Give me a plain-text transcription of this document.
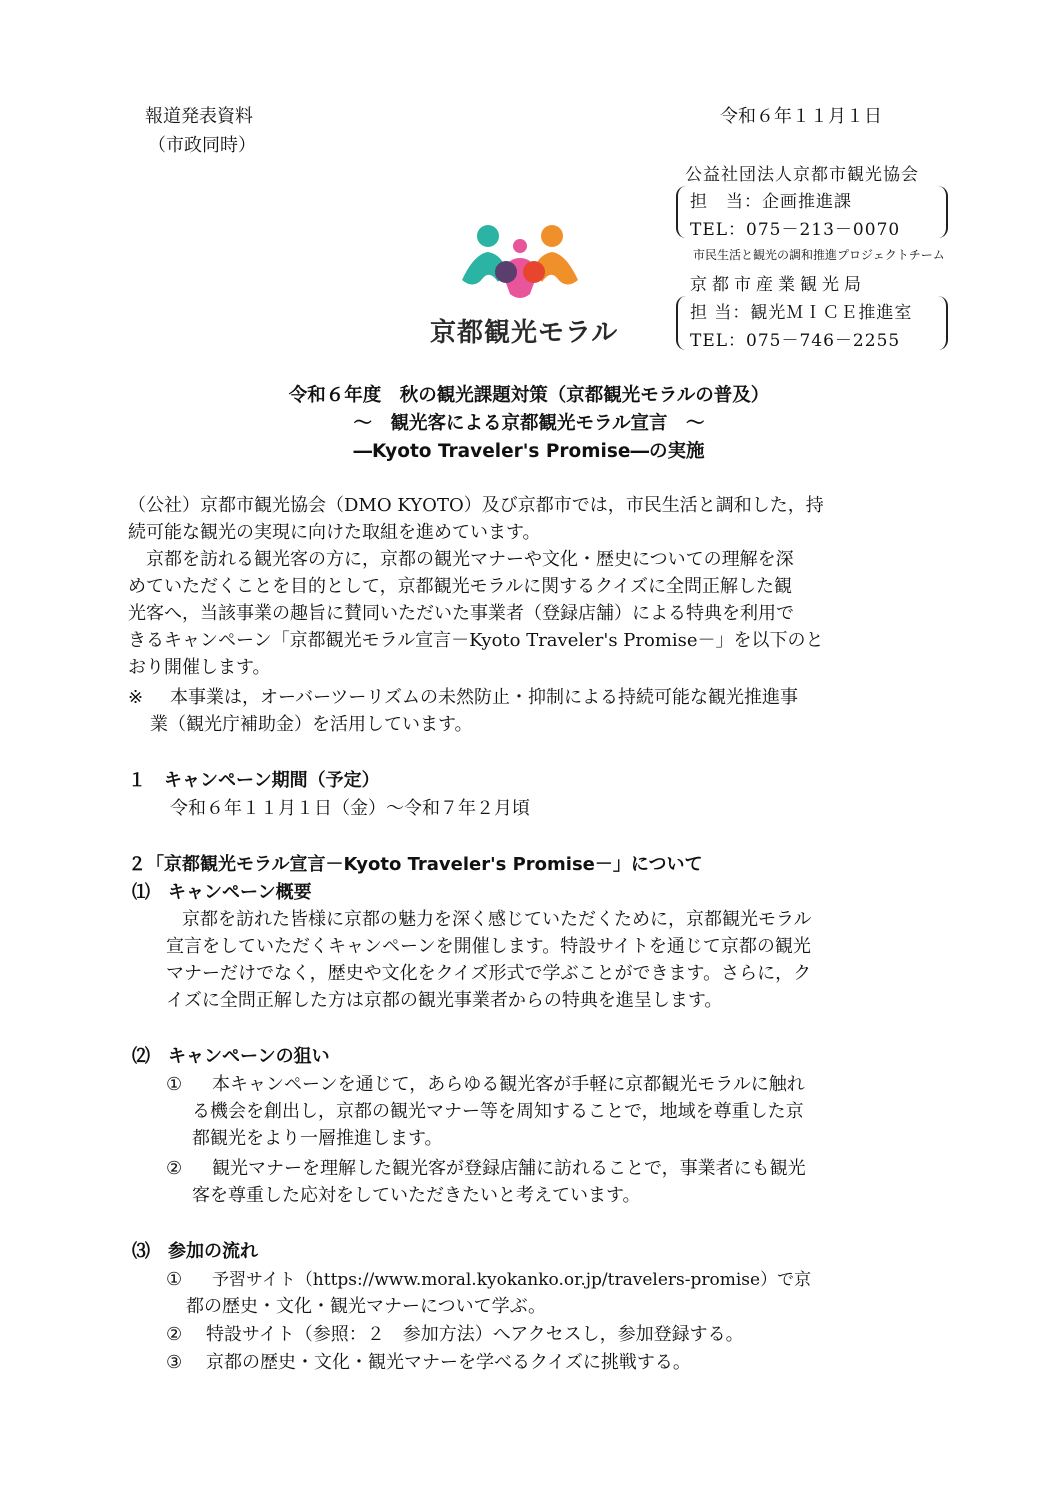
報道発表資料
（市政同時）
令和６年１１月１日
公益社団法人京都市観光協会
担　当：企画推進課
TEL：075－213－0070
市民生活と観光の調和推進プロジェクトチーム
京都市産業観光局
担 当：観光ＭＩＣＥ推進室
TEL：075－746－2255
京都観光モラル
令和６年度　秋の観光課題対策（京都観光モラルの普及）
～　観光客による京都観光モラル宣言　～
―Kyoto Traveler's Promise―の実施
（公社）京都市観光協会（DMO KYOTO）及び京都市では，市民生活と調和した，持
続可能な観光の実現に向けた取組を進めています。
京都を訪れる観光客の方に，京都の観光マナーや文化・歴史についての理解を深
めていただくことを目的として，京都観光モラルに関するクイズに全問正解した観
光客へ，当該事業の趣旨に賛同いただいた事業者（登録店舗）による特典を利用で
きるキャンペーン「京都観光モラル宣言－Kyoto Traveler's Promise－」を以下のと
おり開催します。
※ 本事業は，オーバーツーリズムの未然防止・抑制による持続可能な観光推進事
業（観光庁補助金）を活用しています。
１　キャンペーン期間（予定）
令和６年１１月１日（金）～令和７年２月頃
２「京都観光モラル宣言－Kyoto Traveler's Promise－」について
⑴　キャンペーン概要
京都を訪れた皆様に京都の魅力を深く感じていただくために，京都観光モラル
宣言をしていただくキャンペーンを開催します。特設サイトを通じて京都の観光
マナーだけでなく，歴史や文化をクイズ形式で学ぶことができます。さらに，ク
イズに全問正解した方は京都の観光事業者からの特典を進呈します。
⑵　キャンペーンの狙い
① 本キャンペーンを通じて，あらゆる観光客が手軽に京都観光モラルに触れ
る機会を創出し，京都の観光マナー等を周知することで，地域を尊重した京
都観光をより一層推進します。
② 観光マナーを理解した観光客が登録店舗に訪れることで，事業者にも観光
客を尊重した応対をしていただきたいと考えています。
⑶　参加の流れ
① 予習サイト（https://www.moral.kyokanko.or.jp/travelers-promise）で京
都の歴史・文化・観光マナーについて学ぶ。
② 特設サイト（参照：２　参加方法）へアクセスし，参加登録する。
③ 京都の歴史・文化・観光マナーを学べるクイズに挑戦する。
